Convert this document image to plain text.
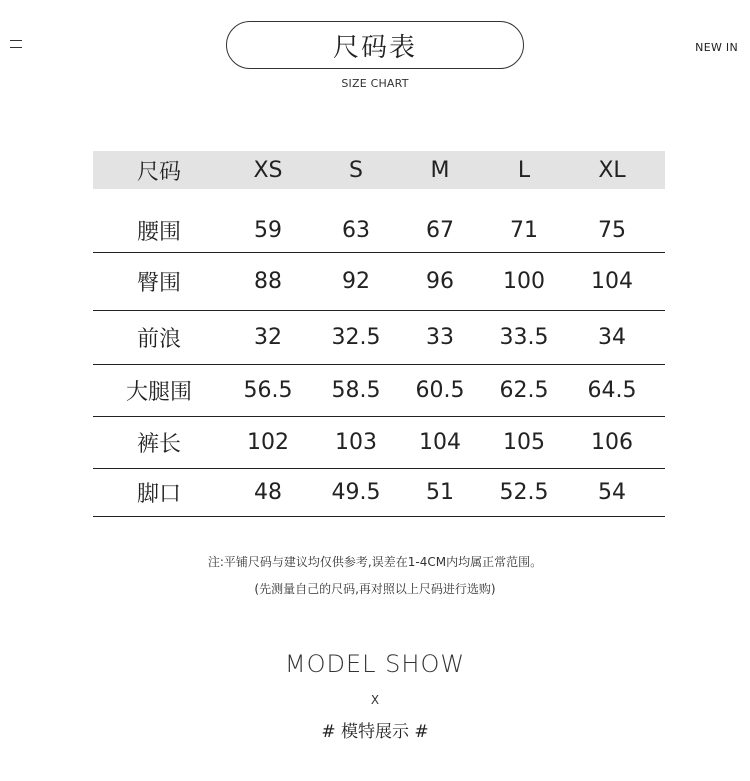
NEW IN
尺码表
SIZE CHART
尺码	XS	S	M	L	XL
腰围	59	63	67	71	75
臀围	88	92	96	100	104
前浪	32	32.5	33	33.5	34
大腿围	56.5	58.5	60.5	62.5	64.5
裤长	102	103	104	105	106
脚口	48	49.5	51	52.5	54
注:平铺尺码与建议均仅供参考,误差在1-4CM内均属正常范围。
(先测量自己的尺码,再对照以上尺码进行选购)
MODEL SHOW
X
# 模特展示 #
